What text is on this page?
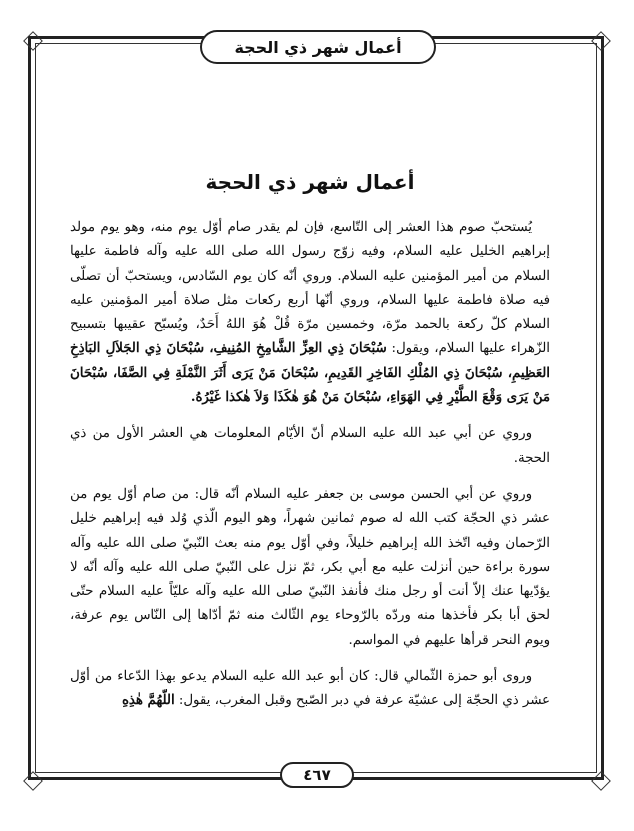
أعمال شهر ذي الحجة
أعمال شهر ذي الحجة

يُستحبّ صوم هذا العشر إلى التّاسع، فإن لم يقدر صام أوّل يوم منه، وهو يوم مولد إبراهيم الخليل عليه السلام، وفيه زوّج رسول الله صلى الله عليه وآله فاطمة عليها السلام من أمير المؤمنين عليه السلام. وروي أنّه كان يوم السّادس، ويستحبّ أن تصلّى فيه صلاة فاطمة عليها السلام، وروي أنّها أربع ركعات مثل صلاة أمير المؤمنين عليه السلام كلّ ركعة بالحمد مرّة، وخمسين مرّة قُلْ هُوَ اللهُ أَحَدٌ، ويُسبّح عقيبها بتسبيح الزّهراء عليها السلام، ويقول: سُبْحَانَ ذِي العِزِّ الشَّامِخِ المُنِيفِ، سُبْحَانَ ذِي الجَلاَلِ البَاذِخِ العَظِيمِ، سُبْحَانَ ذِي المُلْكِ الفَاخِرِ القَدِيمِ، سُبْحَانَ مَنْ يَرَى أَثَرَ النَّمْلَةِ فِي الصَّفَا، سُبْحَانَ مَنْ يَرَى وَقْعَ الطَّيْرِ فِي الهَوَاءِ، سُبْحَانَ مَنْ هُوَ هٰكَذَا وَلاَ هٰكذا غَيْرُهُ.

وروي عن أبي عبد الله عليه السلام أنّ الأيّام المعلومات هي العشر الأول من ذي الحجة.

وروي عن أبي الحسن موسى بن جعفر عليه السلام أنّه قال: من صام أوّل يوم من عشر ذي الحجّة كتب الله له صوم ثمانين شهراً، وهو اليوم الّذي وُلد فيه إبراهيم خليل الرّحمان وفيه اتّخذ الله إبراهيم خليلاً، وفي أوّل يوم منه بعث النّبيّ صلى الله عليه وآله سورة براءة حين أنزلت عليه مع أبي بكر، ثمّ نزل على النّبيّ صلى الله عليه وآله أنّه لا يؤدّيها عنك إلاّ أنت أو رجل منك فأنفذ النّبيّ صلى الله عليه وآله عليّاً عليه السلام حتّى لحق أبا بكر فأخذها منه وردّه بالرّوحاء يوم الثّالث منه ثمّ أدّاها إلى النّاس يوم عرفة، ويوم النحر قرأها عليهم في المواسم.

وروى أبو حمزة الثّمالي قال: كان أبو عبد الله عليه السلام يدعو بهذا الدّعاء من أوّل عشر ذي الحجّة إلى عشيّة عرفة في دبر الصّبح وقبل المغرب، يقول: اللّهُمَّ هٰذِهِ

٤٦٧
